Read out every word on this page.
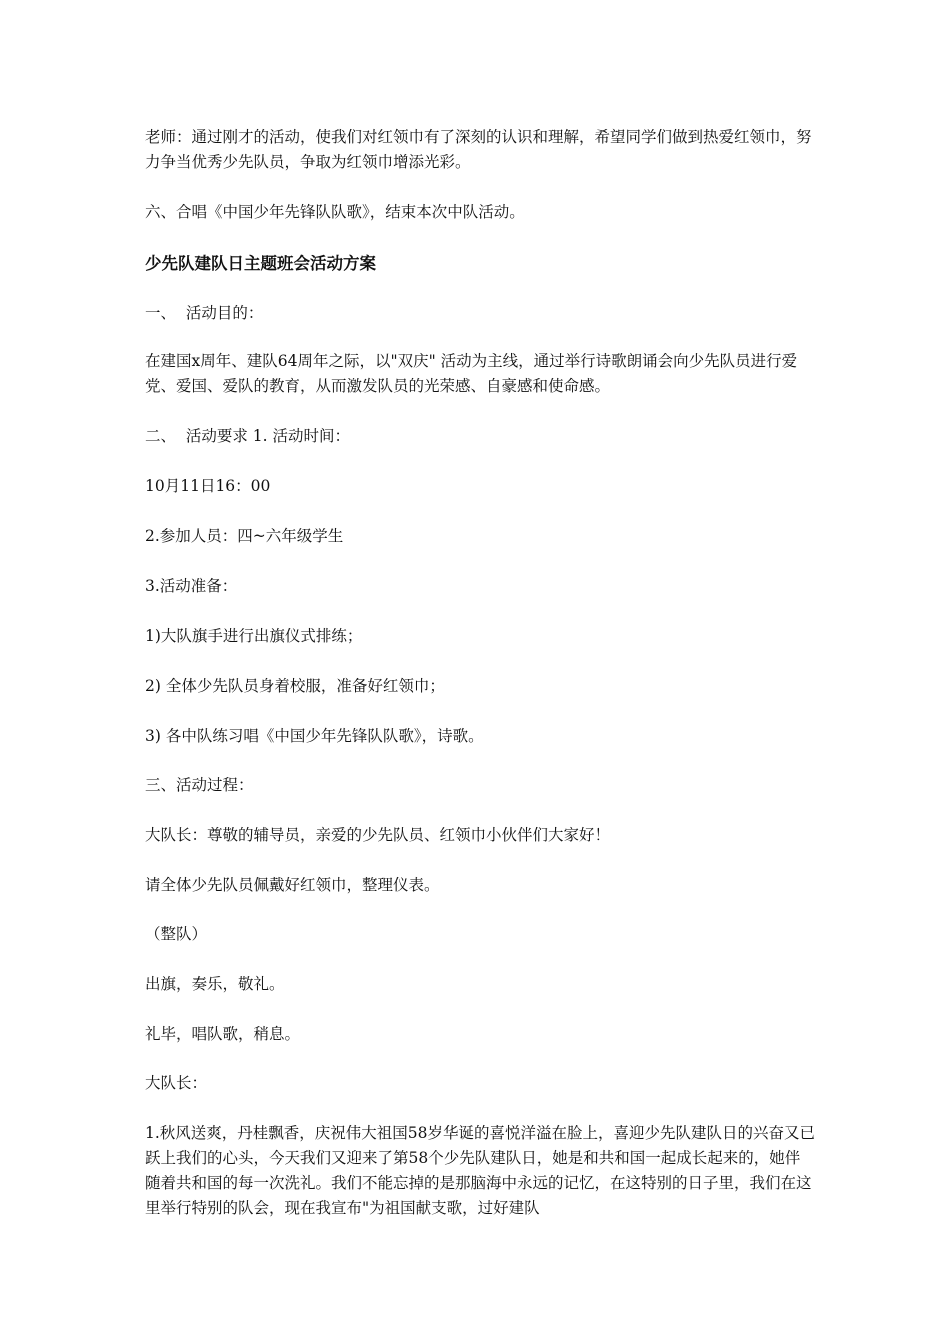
老师：通过刚才的活动，使我们对红领巾有了深刻的认识和理解，希望同学们做到热爱红领巾，努力争当优秀少先队员，争取为红领巾增添光彩。

六、合唱《中国少年先锋队队歌》，结束本次中队活动。

少先队建队日主题班会活动方案

一、  活动目的：

在建国x周年、建队64周年之际，以"双庆" 活动为主线，通过举行诗歌朗诵会向少先队员进行爱党、爱国、爱队的教育，从而激发队员的光荣感、自豪感和使命感。

二、  活动要求 1. 活动时间：

10月11日16：00

2.参加人员：四~六年级学生

3.活动准备：

1)大队旗手进行出旗仪式排练；

2) 全体少先队员身着校服，准备好红领巾；

3) 各中队练习唱《中国少年先锋队队歌》，诗歌。

三、活动过程：

大队长：尊敬的辅导员，亲爱的少先队员、红领巾小伙伴们大家好！

请全体少先队员佩戴好红领巾，整理仪表。

（整队）

出旗，奏乐，敬礼。

礼毕，唱队歌，稍息。

大队长：

1.秋风送爽，丹桂飘香，庆祝伟大祖国58岁华诞的喜悦洋溢在脸上，喜迎少先队建队日的兴奋又已跃上我们的心头，今天我们又迎来了第58个少先队建队日，她是和共和国一起成长起来的，她伴随着共和国的每一次洗礼。我们不能忘掉的是那脑海中永远的记忆，在这特别的日子里，我们在这里举行特别的队会，现在我宣布"为祖国献支歌，过好建队
